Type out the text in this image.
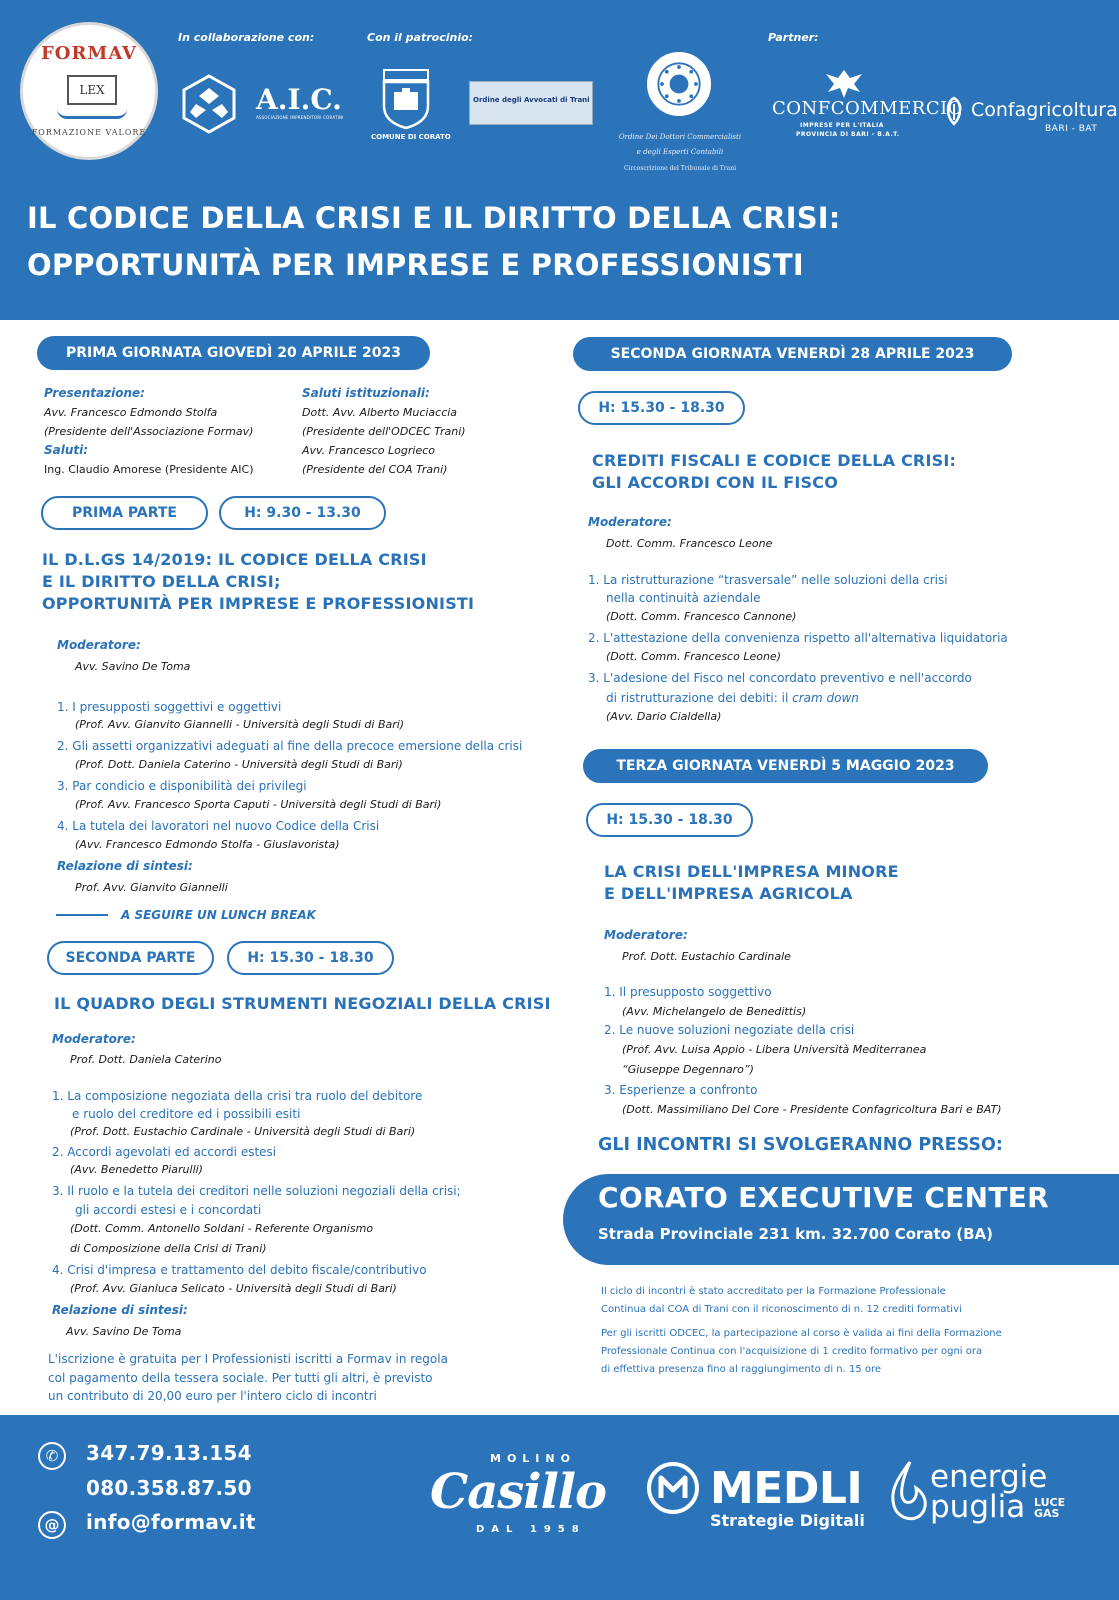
FORMAV
LEX
FORMAZIONE VALORE
In collaborazione con:	Con il patrocinio:	Partner:
A.I.C.
ASSOCIAZIONE IMPRENDITORI CORATINI
COMUNE DI CORATO
Ordine degli Avvocati di Trani
Ordine Dei Dottori Commercialisti
e degli Esperti Contabili
Circoscrizione del Tribunale di Trani
CONFCOMMERCIO
IMPRESE PER L'ITALIA
PROVINCIA DI BARI - B.A.T.
Confagricoltura
BARI - BAT
IL CODICE DELLA CRISI E IL DIRITTO DELLA CRISI:
OPPORTUNITÀ PER IMPRESE E PROFESSIONISTI
PRIMA GIORNATA GIOVEDÌ 20 APRILE 2023
Presentazione:
Avv. Francesco Edmondo Stolfa
(Presidente dell'Associazione Formav)
Saluti:
Ing. Claudio Amorese (Presidente AIC)
Saluti istituzionali:
Dott. Avv. Alberto Muciaccia
(Presidente dell'ODCEC Trani)
Avv. Francesco Logrieco
(Presidente del COA Trani)
PRIMA PARTE	H: 9.30 - 13.30
IL D.L.GS 14/2019: IL CODICE DELLA CRISI
E IL DIRITTO DELLA CRISI;
OPPORTUNITÀ PER IMPRESE E PROFESSIONISTI
Moderatore:
Avv. Savino De Toma
1. I presupposti soggettivi e oggettivi
(Prof. Avv. Gianvito Giannelli - Università degli Studi di Bari)
2. Gli assetti organizzativi adeguati al fine della precoce emersione della crisi
(Prof. Dott. Daniela Caterino - Università degli Studi di Bari)
3. Par condicio e disponibilità dei privilegi
(Prof. Avv. Francesco Sporta Caputi - Università degli Studi di Bari)
4. La tutela dei lavoratori nel nuovo Codice della Crisi
(Avv. Francesco Edmondo Stolfa - Giuslavorista)
Relazione di sintesi:
Prof. Avv. Gianvito Giannelli
A SEGUIRE UN LUNCH BREAK
SECONDA PARTE	H: 15.30 - 18.30
IL QUADRO DEGLI STRUMENTI NEGOZIALI DELLA CRISI
Moderatore:
Prof. Dott. Daniela Caterino
1. La composizione negoziata della crisi tra ruolo del debitore
e ruolo del creditore ed i possibili esiti
(Prof. Dott. Eustachio Cardinale - Università degli Studi di Bari)
2. Accordi agevolati ed accordi estesi
(Avv. Benedetto Piarulli)
3. Il ruolo e la tutela dei creditori nelle soluzioni negoziali della crisi;
gli accordi estesi e i concordati
(Dott. Comm. Antonello Soldani - Referente Organismo
di Composizione della Crisi di Trani)
4. Crisi d'impresa e trattamento del debito fiscale/contributivo
(Prof. Avv. Gianluca Selicato - Università degli Studi di Bari)
Relazione di sintesi:
Avv. Savino De Toma
L'iscrizione è gratuita per I Professionisti iscritti a Formav in regola
col pagamento della tessera sociale. Per tutti gli altri, è previsto
un contributo di 20,00 euro per l'intero ciclo di incontri
SECONDA GIORNATA VENERDÌ 28 APRILE 2023
H: 15.30 - 18.30
CREDITI FISCALI E CODICE DELLA CRISI:
GLI ACCORDI CON IL FISCO
Moderatore:
Dott. Comm. Francesco Leone
1. La ristrutturazione “trasversale” nelle soluzioni della crisi
nella continuità aziendale
(Dott. Comm. Francesco Cannone)
2. L'attestazione della convenienza rispetto all'alternativa liquidatoria
(Dott. Comm. Francesco Leone)
3. L'adesione del Fisco nel concordato preventivo e nell'accordo
di ristrutturazione dei debiti: il cram down
(Avv. Dario Cialdella)
TERZA GIORNATA VENERDÌ 5 MAGGIO 2023
H: 15.30 - 18.30
LA CRISI DELL'IMPRESA MINORE
E DELL'IMPRESA AGRICOLA
Moderatore:
Prof. Dott. Eustachio Cardinale
1. Il presupposto soggettivo
(Avv. Michelangelo de Benedittis)
2. Le nuove soluzioni negoziate della crisi
(Prof. Avv. Luisa Appio - Libera Università Mediterranea
“Giuseppe Degennaro”)
3. Esperienze a confronto
(Dott. Massimiliano Del Core - Presidente Confagricoltura Bari e BAT)
GLI INCONTRI SI SVOLGERANNO PRESSO:
CORATO EXECUTIVE CENTER
Strada Provinciale 231 km. 32.700 Corato (BA)
Il ciclo di incontri è stato accreditato per la Formazione Professionale
Continua dal COA di Trani con il riconoscimento di n. 12 crediti formativi
Per gli iscritti ODCEC, la partecipazione al corso è valida ai fini della Formazione
Professionale Continua con l'acquisizione di 1 credito formativo per ogni ora
di effettiva presenza fino al raggiungimento di n. 15 ore
✆	347.79.13.154
080.358.87.50
@	info@formav.it
MOLINO
Casillo
DAL 1958
MEDLI
Strategie Digitali
energie
puglia LUCE
GAS
